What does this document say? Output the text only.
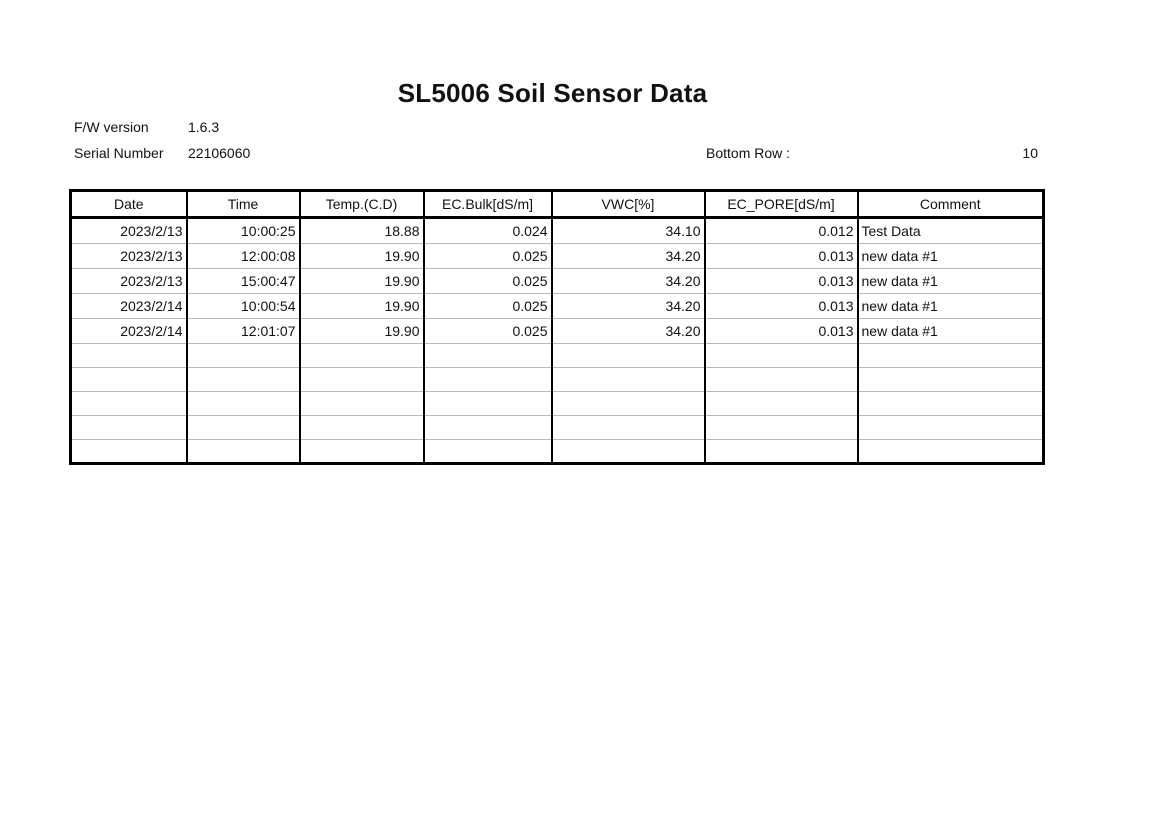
SL5006 Soil Sensor Data
F/W version	1.6.3
Serial Number 22106060	Bottom Row :	10
Date	Time	Temp.(C.D)	EC.Bulk[dS/m]	VWC[%]	EC_PORE[dS/m]	Comment
2023/2/13	10:00:25	18.88	0.024	34.10	0.012	Test Data
2023/2/13	12:00:08	19.90	0.025	34.20	0.013	new data #1
2023/2/13	15:00:47	19.90	0.025	34.20	0.013	new data #1
2023/2/14	10:00:54	19.90	0.025	34.20	0.013	new data #1
2023/2/14	12:01:07	19.90	0.025	34.20	0.013	new data #1
